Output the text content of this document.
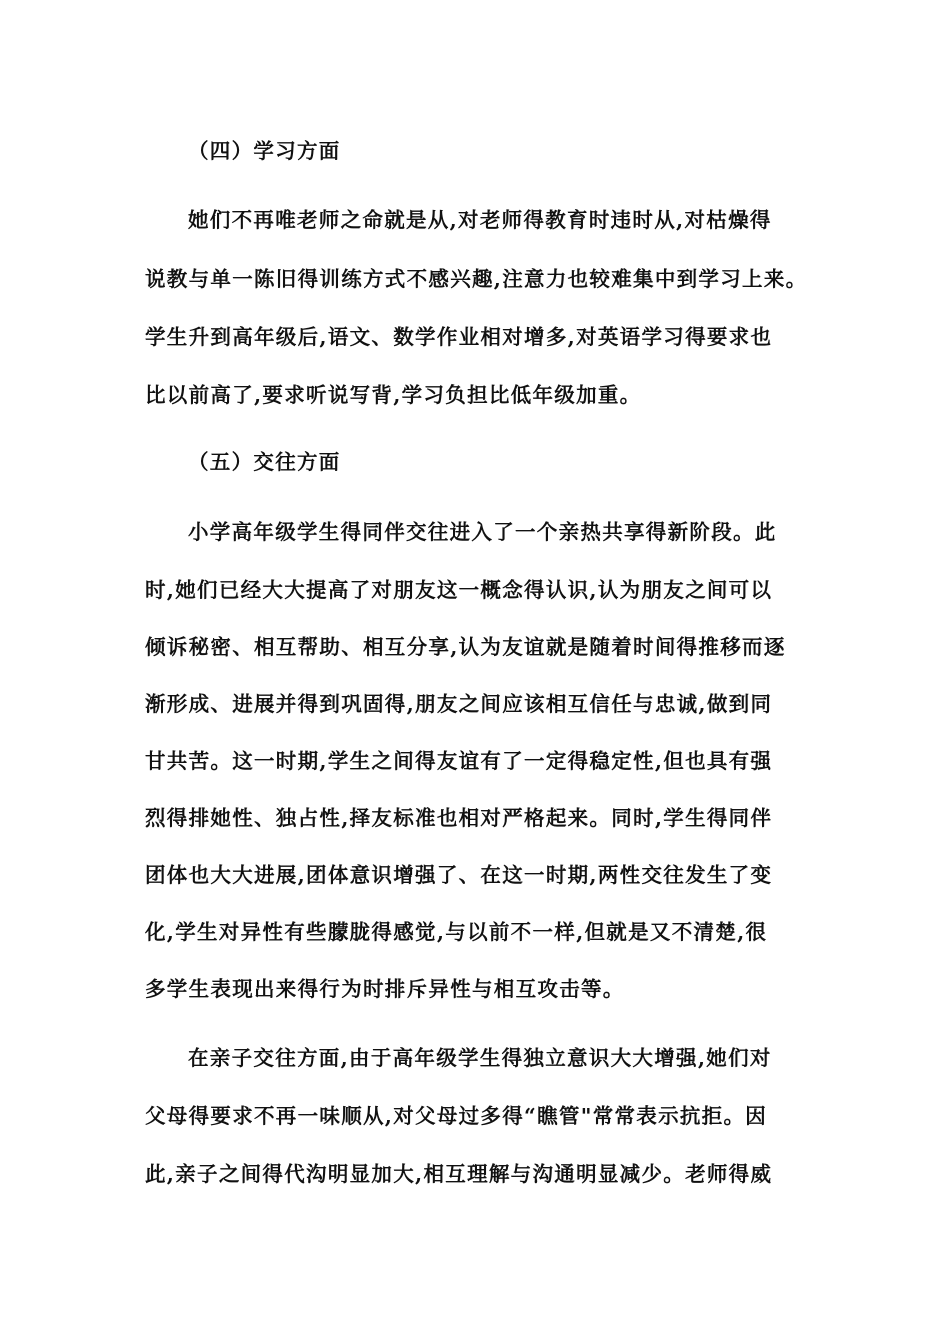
（四）学习方面
她们不再唯老师之命就是从,对老师得教育时违时从,对枯燥得
说教与单一陈旧得训练方式不感兴趣,注意力也较难集中到学习上来。
学生升到高年级后,语文、数学作业相对增多,对英语学习得要求也
比以前高了,要求听说写背,学习负担比低年级加重。
（五）交往方面
小学高年级学生得同伴交往进入了一个亲热共享得新阶段。此
时,她们已经大大提高了对朋友这一概念得认识,认为朋友之间可以
倾诉秘密、相互帮助、相互分享,认为友谊就是随着时间得推移而逐
渐形成、进展并得到巩固得,朋友之间应该相互信任与忠诚,做到同
甘共苦。这一时期,学生之间得友谊有了一定得稳定性,但也具有强
烈得排她性、独占性,择友标准也相对严格起来。同时,学生得同伴
团体也大大进展,团体意识增强了、在这一时期,两性交往发生了变
化,学生对异性有些朦胧得感觉,与以前不一样,但就是又不清楚,很
多学生表现出来得行为时排斥异性与相互攻击等。
在亲子交往方面,由于高年级学生得独立意识大大增强,她们对
父母得要求不再一味顺从,对父母过多得“瞧管"常常表示抗拒。因
此,亲子之间得代沟明显加大,相互理解与沟通明显减少。老师得威
